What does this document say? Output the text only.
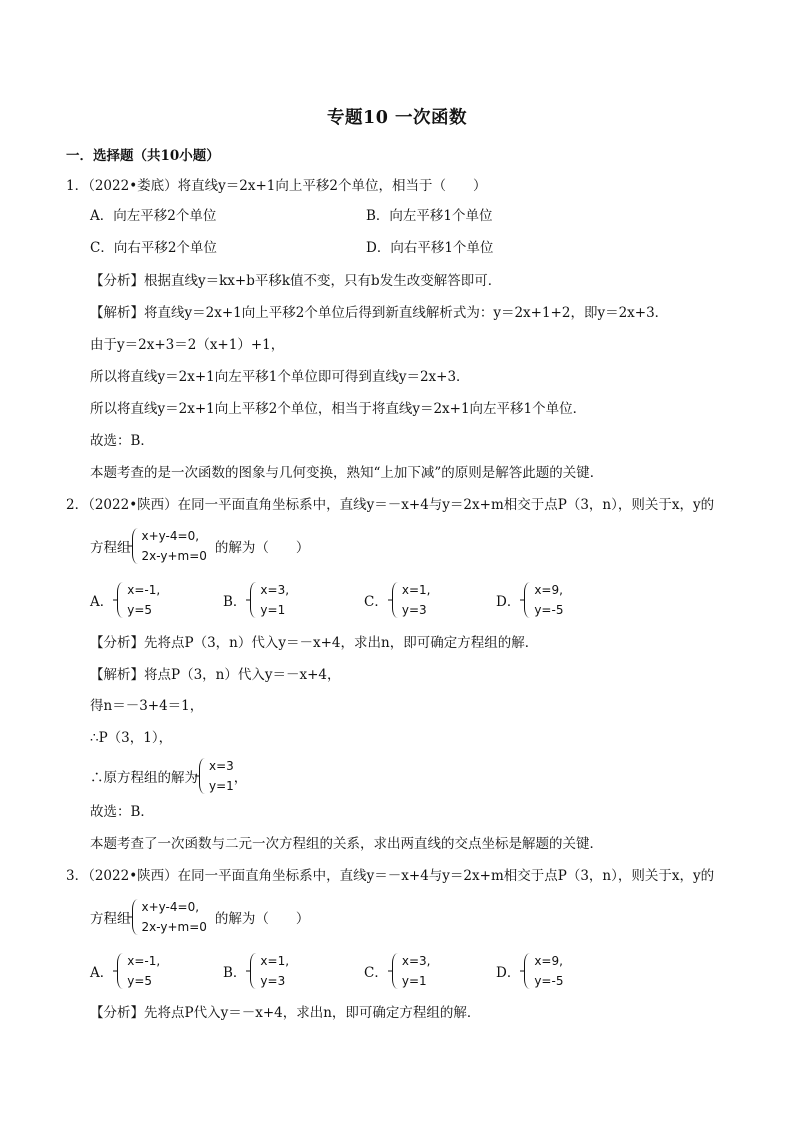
专题10 一次函数
一．选择题（共10小题）
1．（2022•娄底）将直线y＝2x+1向上平移2个单位，相当于（　　）
A．向左平移2个单位	B．向左平移1个单位
C．向右平移2个单位	D．向右平移1个单位
【分析】根据直线y＝kx+b平移k值不变，只有b发生改变解答即可．
【解析】将直线y＝2x+1向上平移2个单位后得到新直线解析式为：y＝2x+1+2，即y＝2x+3．
由于y＝2x+3＝2（x+1）+1，
所以将直线y＝2x+1向左平移1个单位即可得到直线y＝2x+3．
所以将直线y＝2x+1向上平移2个单位，相当于将直线y＝2x+1向左平移1个单位．
故选：B．
本题考查的是一次函数的图象与几何变换，熟知“上加下减”的原则是解答此题的关键．
2．（2022•陕西）在同一平面直角坐标系中，直线y＝－x+4与y＝2x+m相交于点P（3，n），则关于x，y的
方程组
x+y-4=0,
2x-y+m=0 的解为（　　）
A．
x=-1,
y=5	B．
x=3,
y=1	C．
x=1,
y=3	D．
x=9,
y=-5
【分析】先将点P（3，n）代入y＝－x+4，求出n，即可确定方程组的解．
【解析】将点P（3，n）代入y＝－x+4，
得n＝－3+4＝1，
∴P（3，1），
∴原方程组的解为
x=3
y=1 ，
故选：B．
本题考查了一次函数与二元一次方程组的关系，求出两直线的交点坐标是解题的关键．
3．（2022•陕西）在同一平面直角坐标系中，直线y＝－x+4与y＝2x+m相交于点P（3，n），则关于x，y的
方程组
x+y-4=0,
2x-y+m=0 的解为（　　）
A．
x=-1,
y=5	B．
x=1,
y=3	C．
x=3,
y=1	D．
x=9,
y=-5
【分析】先将点P代入y＝－x+4，求出n，即可确定方程组的解．
